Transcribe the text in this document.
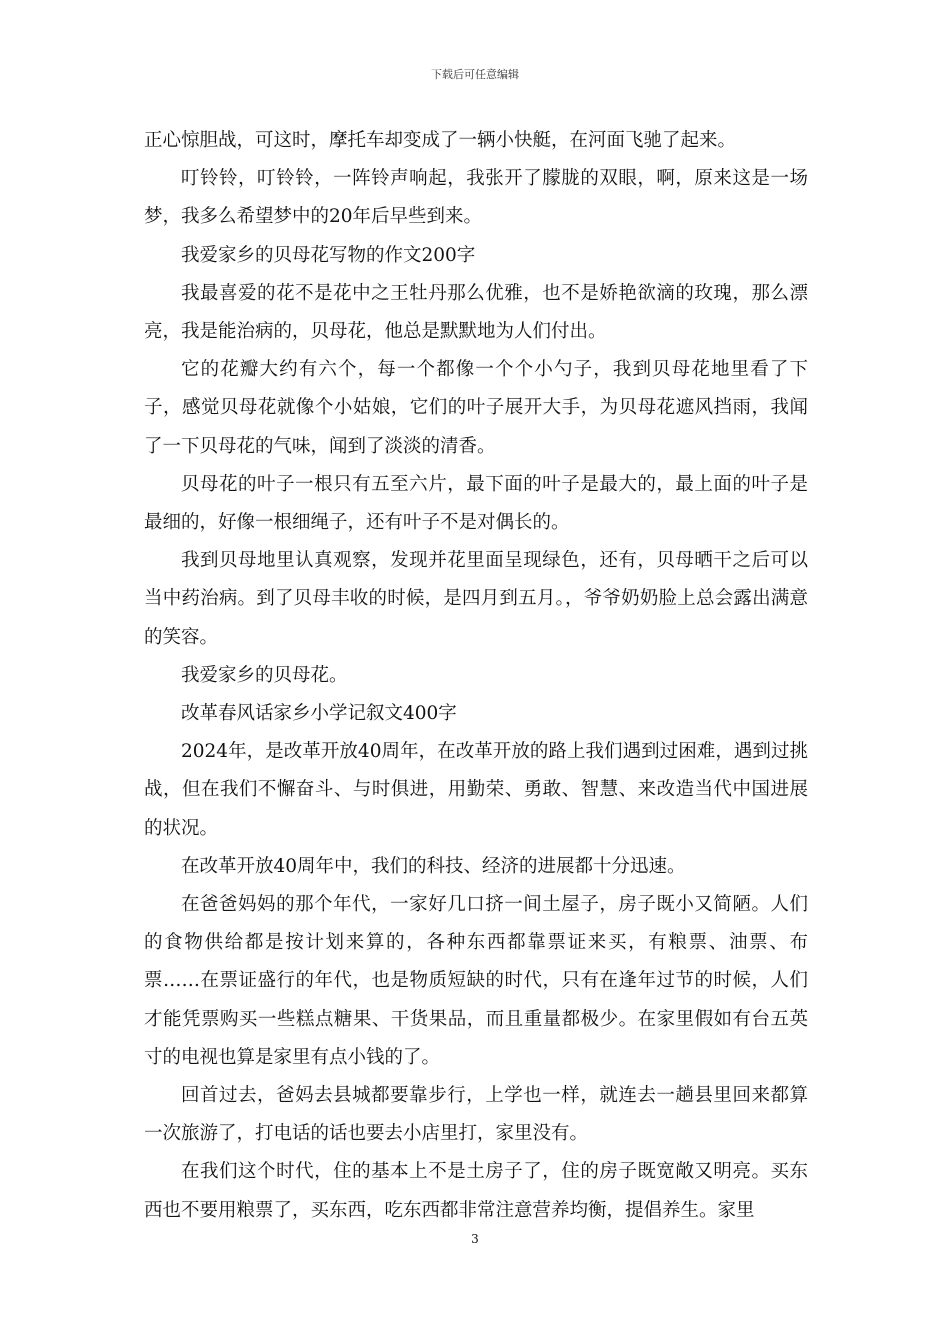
下载后可任意编辑

正心惊胆战，可这时，摩托车却变成了一辆小快艇，在河面飞驰了起来。

叮铃铃，叮铃铃，一阵铃声响起，我张开了朦胧的双眼，啊，原来这是一场梦，我多么希望梦中的20年后早些到来。

我爱家乡的贝母花写物的作文200字

我最喜爱的花不是花中之王牡丹那么优雅，也不是娇艳欲滴的玫瑰，那么漂亮，我是能治病的，贝母花，他总是默默地为人们付出。

它的花瓣大约有六个，每一个都像一个个小勺子，我到贝母花地里看了下子，感觉贝母花就像个小姑娘，它们的叶子展开大手，为贝母花遮风挡雨，我闻了一下贝母花的气味，闻到了淡淡的清香。

贝母花的叶子一根只有五至六片，最下面的叶子是最大的，最上面的叶子是最细的，好像一根细绳子，还有叶子不是对偶长的。

我到贝母地里认真观察，发现并花里面呈现绿色，还有，贝母晒干之后可以当中药治病。到了贝母丰收的时候，是四月到五月。，爷爷奶奶脸上总会露出满意的笑容。

我爱家乡的贝母花。

改革春风话家乡小学记叙文400字

2024年，是改革开放40周年，在改革开放的路上我们遇到过困难，遇到过挑战，但在我们不懈奋斗、与时俱进，用勤荣、勇敢、智慧、来改造当代中国进展的状况。

在改革开放40周年中，我们的科技、经济的进展都十分迅速。

在爸爸妈妈的那个年代，一家好几口挤一间土屋子，房子既小又简陋。人们的食物供给都是按计划来算的，各种东西都靠票证来买，有粮票、油票、布票……在票证盛行的年代，也是物质短缺的时代，只有在逢年过节的时候，人们才能凭票购买一些糕点糖果、干货果品，而且重量都极少。在家里假如有台五英寸的电视也算是家里有点小钱的了。

回首过去，爸妈去县城都要靠步行，上学也一样，就连去一趟县里回来都算一次旅游了，打电话的话也要去小店里打，家里没有。

在我们这个时代，住的基本上不是土房子了，住的房子既宽敞又明亮。买东西也不要用粮票了，买东西，吃东西都非常注意营养均衡，提倡养生。家里

3
